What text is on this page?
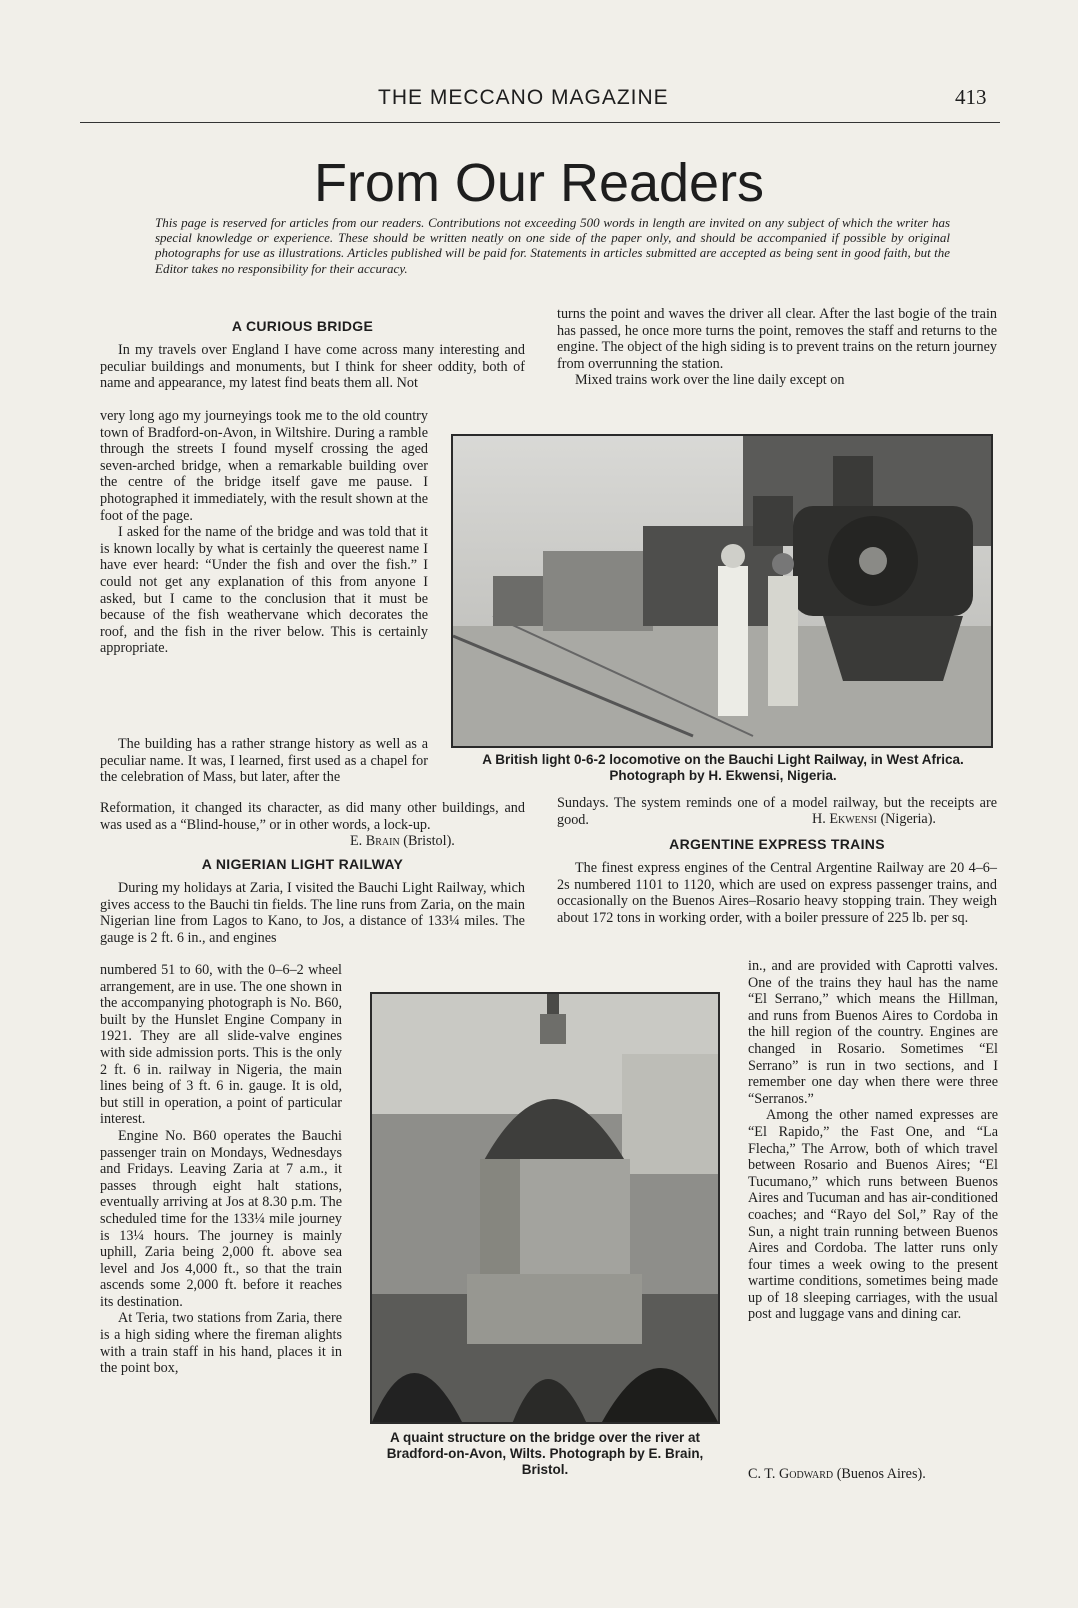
THE MECCANO MAGAZINE	413
From Our Readers
This page is reserved for articles from our readers. Contributions not exceeding 500 words in length are invited on any subject of which the writer has special knowledge or experience. These should be written neatly on one side of the paper only, and should be accompanied if possible by original photographs for use as illustrations. Articles published will be paid for. Statements in articles submitted are accepted as being sent in good faith, but the Editor takes no responsibility for their accuracy.
A CURIOUS BRIDGE

In my travels over England I have come across many interesting and peculiar buildings and monuments, but I think for sheer oddity, both of name and appearance, my latest find beats them all. Not

very long ago my journeyings took me to the old country town of Bradford-on-Avon, in Wiltshire. During a ramble through the streets I found myself crossing the aged seven-arched bridge, when a remarkable building over the centre of the bridge itself gave me pause. I photographed it immediately, with the result shown at the foot of the page.

I asked for the name of the bridge and was told that it is known locally by what is certainly the queerest name I have ever heard: “Under the fish and over the fish.” I could not get any explanation of this from anyone I asked, but I came to the conclusion that it must be because of the fish weathervane which decorates the roof, and the fish in the river below. This is certainly appropriate.

The building has a rather strange history as well as a peculiar name. It was, I learned, first used as a chapel for the celebration of Mass, but later, after the

Reformation, it changed its character, as did many other buildings, and was used as a “Blind-house,” or in other words, a lock-up.

E. Brain (Bristol).
A NIGERIAN LIGHT RAILWAY

During my holidays at Zaria, I visited the Bauchi Light Railway, which gives access to the Bauchi tin fields. The line runs from Zaria, on the main Nigerian line from Lagos to Kano, to Jos, a distance of 133¼ miles. The gauge is 2 ft. 6 in., and engines

numbered 51 to 60, with the 0–6–2 wheel arrangement, are in use. The one shown in the accompanying photograph is No. B60, built by the Hunslet Engine Company in 1921. They are all slide-valve engines with side admission ports. This is the only 2 ft. 6 in. railway in Nigeria, the main lines being of 3 ft. 6 in. gauge. It is old, but still in operation, a point of particular interest.

Engine No. B60 operates the Bauchi passenger train on Mondays, Wednesdays and Fridays. Leaving Zaria at 7 a.m., it passes through eight halt stations, eventually arriving at Jos at 8.30 p.m. The scheduled time for the 133¼ mile journey is 13¼ hours. The journey is mainly uphill, Zaria being 2,000 ft. above sea level and Jos 4,000 ft., so that the train ascends some 2,000 ft. before it reaches its destination.

At Teria, two stations from Zaria, there is a high siding where the fireman alights with a train staff in his hand, places it in the point box,

turns the point and waves the driver all clear. After the last bogie of the train has passed, he once more turns the point, removes the staff and returns to the engine. The object of the high siding is to prevent trains on the return journey from overrunning the station.

Mixed trains work over the line daily except on

A British light 0-6-2 locomotive on the Bauchi Light Railway, in West Africa. Photograph by H. Ekwensi, Nigeria.

Sundays. The system reminds one of a model railway, but the receipts are good.	H. Ekwensi (Nigeria).
ARGENTINE EXPRESS TRAINS

The finest express engines of the Central Argentine Railway are 20 4–6–2s numbered 1101 to 1120, which are used on express passenger trains, and occasionally on the Buenos Aires–Rosario heavy stopping train. They weigh about 172 tons in working order, with a boiler pressure of 225 lb. per sq.

in., and are provided with Caprotti valves. One of the trains they haul has the name “El Serrano,” which means the Hillman, and runs from Buenos Aires to Cordoba in the hill region of the country. Engines are changed in Rosario. Sometimes “El Serrano” is run in two sections, and I remember one day when there were three “Serranos.”

Among the other named expresses are “El Rapido,” the Fast One, and “La Flecha,” The Arrow, both of which travel between Rosario and Buenos Aires; “El Tucumano,” which runs between Buenos Aires and Tucuman and has air-conditioned coaches; and “Rayo del Sol,” Ray of the Sun, a night train running between Buenos Aires and Cordoba. The latter runs only four times a week owing to the present wartime conditions, sometimes being made up of 18 sleeping carriages, with the usual post and luggage vans and dining car.

C. T. Godward (Buenos Aires).
A quaint structure on the bridge over the river at Bradford-on-Avon, Wilts. Photograph by E. Brain, Bristol.
